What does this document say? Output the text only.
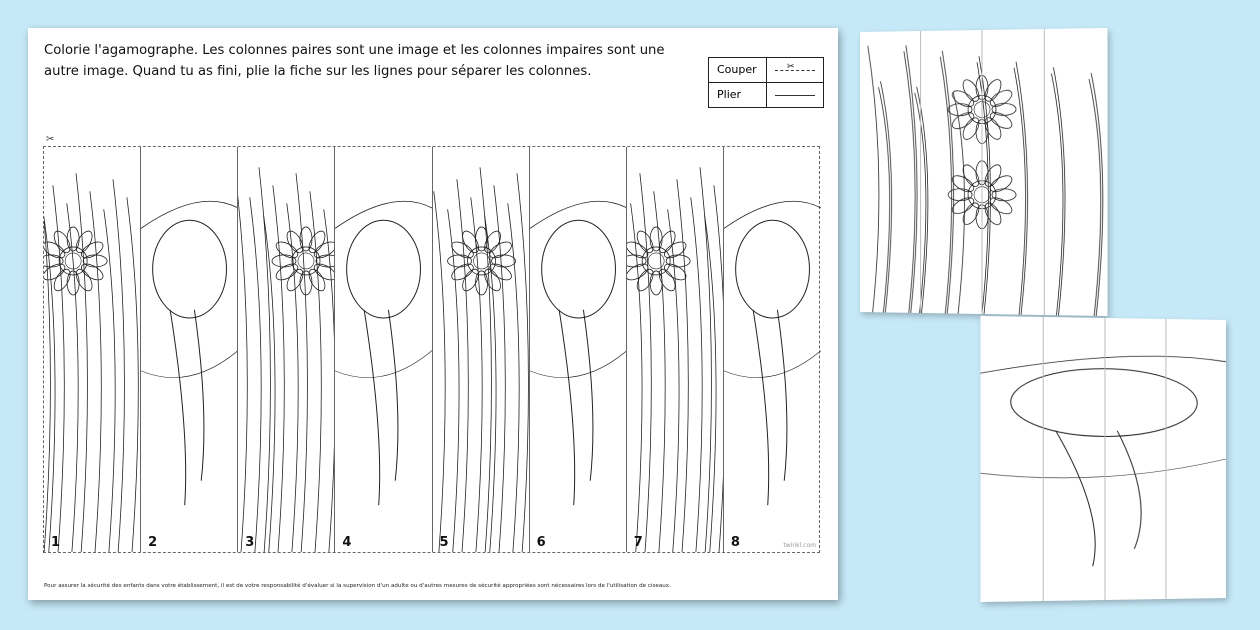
Colorie l'agamographe. Les colonnes paires sont une image et les colonnes impaires sont une autre image. Quand tu as fini, plie la fiche sur les lignes pour séparer les colonnes.	Couper	✂
Plier
✂
1	2	3	4	5	6	7	8	twinkl.com
Pour assurer la sécurité des enfants dans votre établissement, il est de votre responsabilité d'évaluer si la supervision d'un adulte ou d'autres mesures de sécurité appropriées sont nécessaires lors de l'utilisation de ciseaux.
